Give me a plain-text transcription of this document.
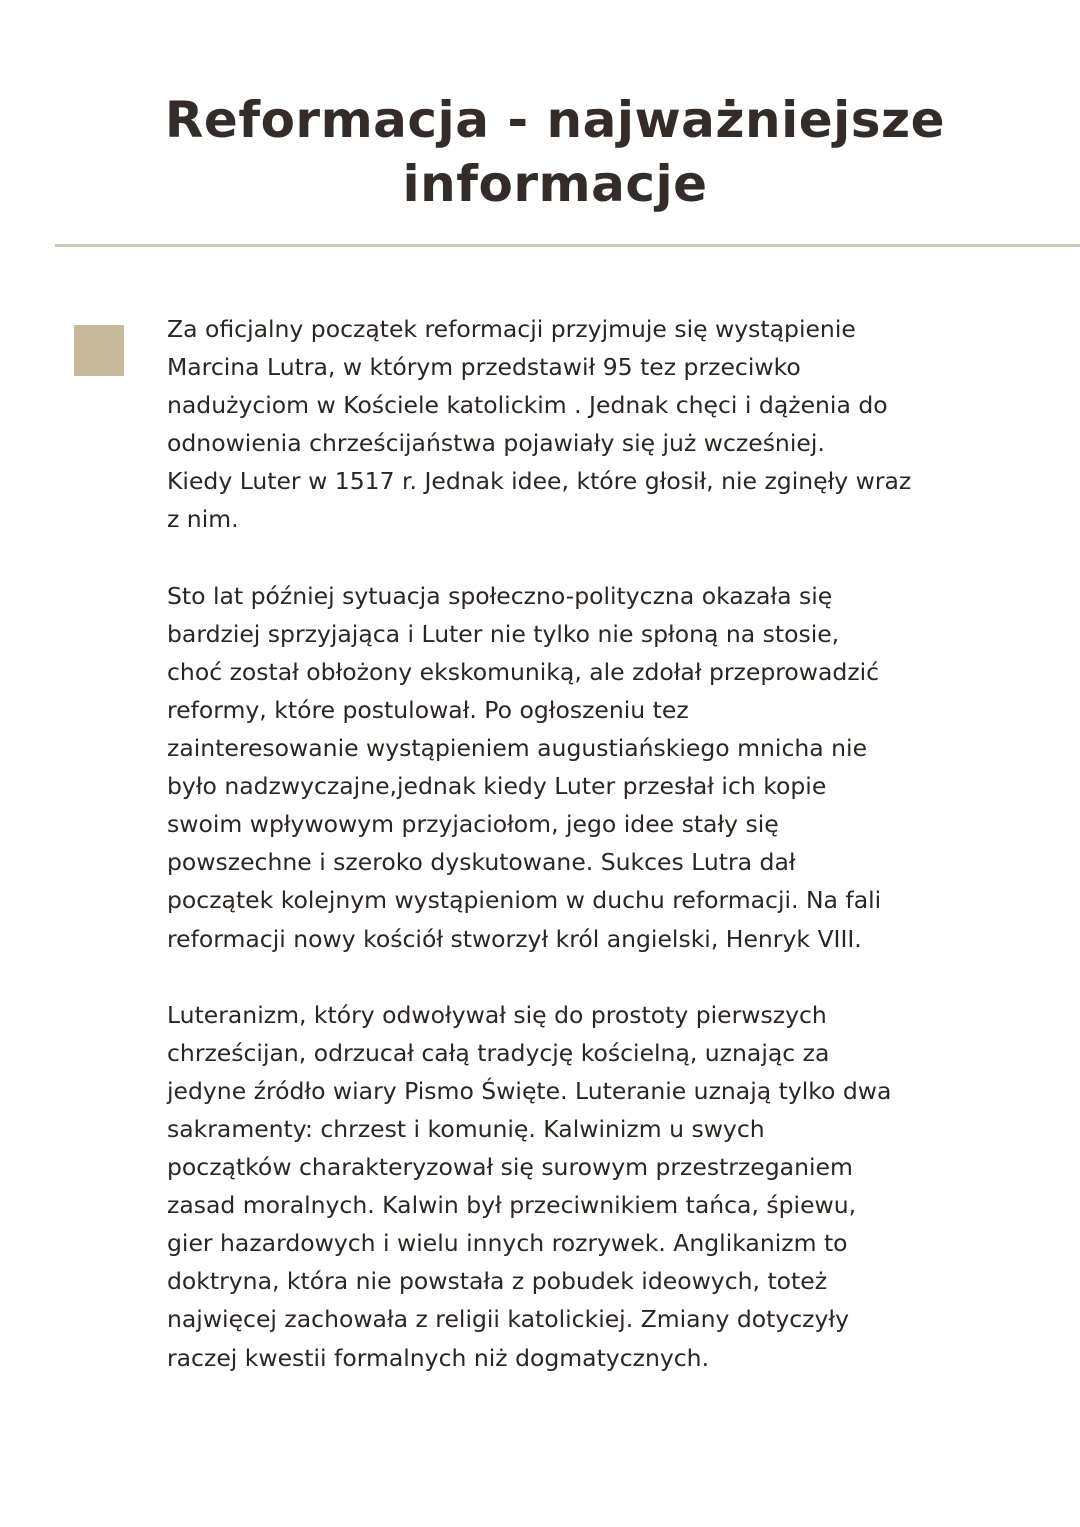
Reformacja - najważniejsze
informacje

Za oficjalny początek reformacji przyjmuje się wystąpienie
Marcina Lutra, w którym przedstawił 95 tez przeciwko
nadużyciom w Kościele katolickim . Jednak chęci i dążenia do
odnowienia chrześcijaństwa pojawiały się już wcześniej.
Kiedy Luter w 1517 r. Jednak idee, które głosił, nie zginęły wraz
z nim.

Sto lat później sytuacja społeczno-polityczna okazała się
bardziej sprzyjająca i Luter nie tylko nie spłoną na stosie,
choć został obłożony ekskomuniką, ale zdołał przeprowadzić
reformy, które postulował. Po ogłoszeniu tez
zainteresowanie wystąpieniem augustiańskiego mnicha nie
było nadzwyczajne,jednak kiedy Luter przesłał ich kopie
swoim wpływowym przyjaciołom, jego idee stały się
powszechne i szeroko dyskutowane. Sukces Lutra dał
początek kolejnym wystąpieniom w duchu reformacji. Na fali
reformacji nowy kościół stworzył król angielski, Henryk VIII.

Luteranizm, który odwoływał się do prostoty pierwszych
chrześcijan, odrzucał całą tradycję kościelną, uznając za
jedyne źródło wiary Pismo Święte. Luteranie uznają tylko dwa
sakramenty: chrzest i komunię. Kalwinizm u swych
początków charakteryzował się surowym przestrzeganiem
zasad moralnych. Kalwin był przeciwnikiem tańca, śpiewu,
gier hazardowych i wielu innych rozrywek. Anglikanizm to
doktryna, która nie powstała z pobudek ideowych, toteż
najwięcej zachowała z religii katolickiej. Zmiany dotyczyły
raczej kwestii formalnych niż dogmatycznych.
